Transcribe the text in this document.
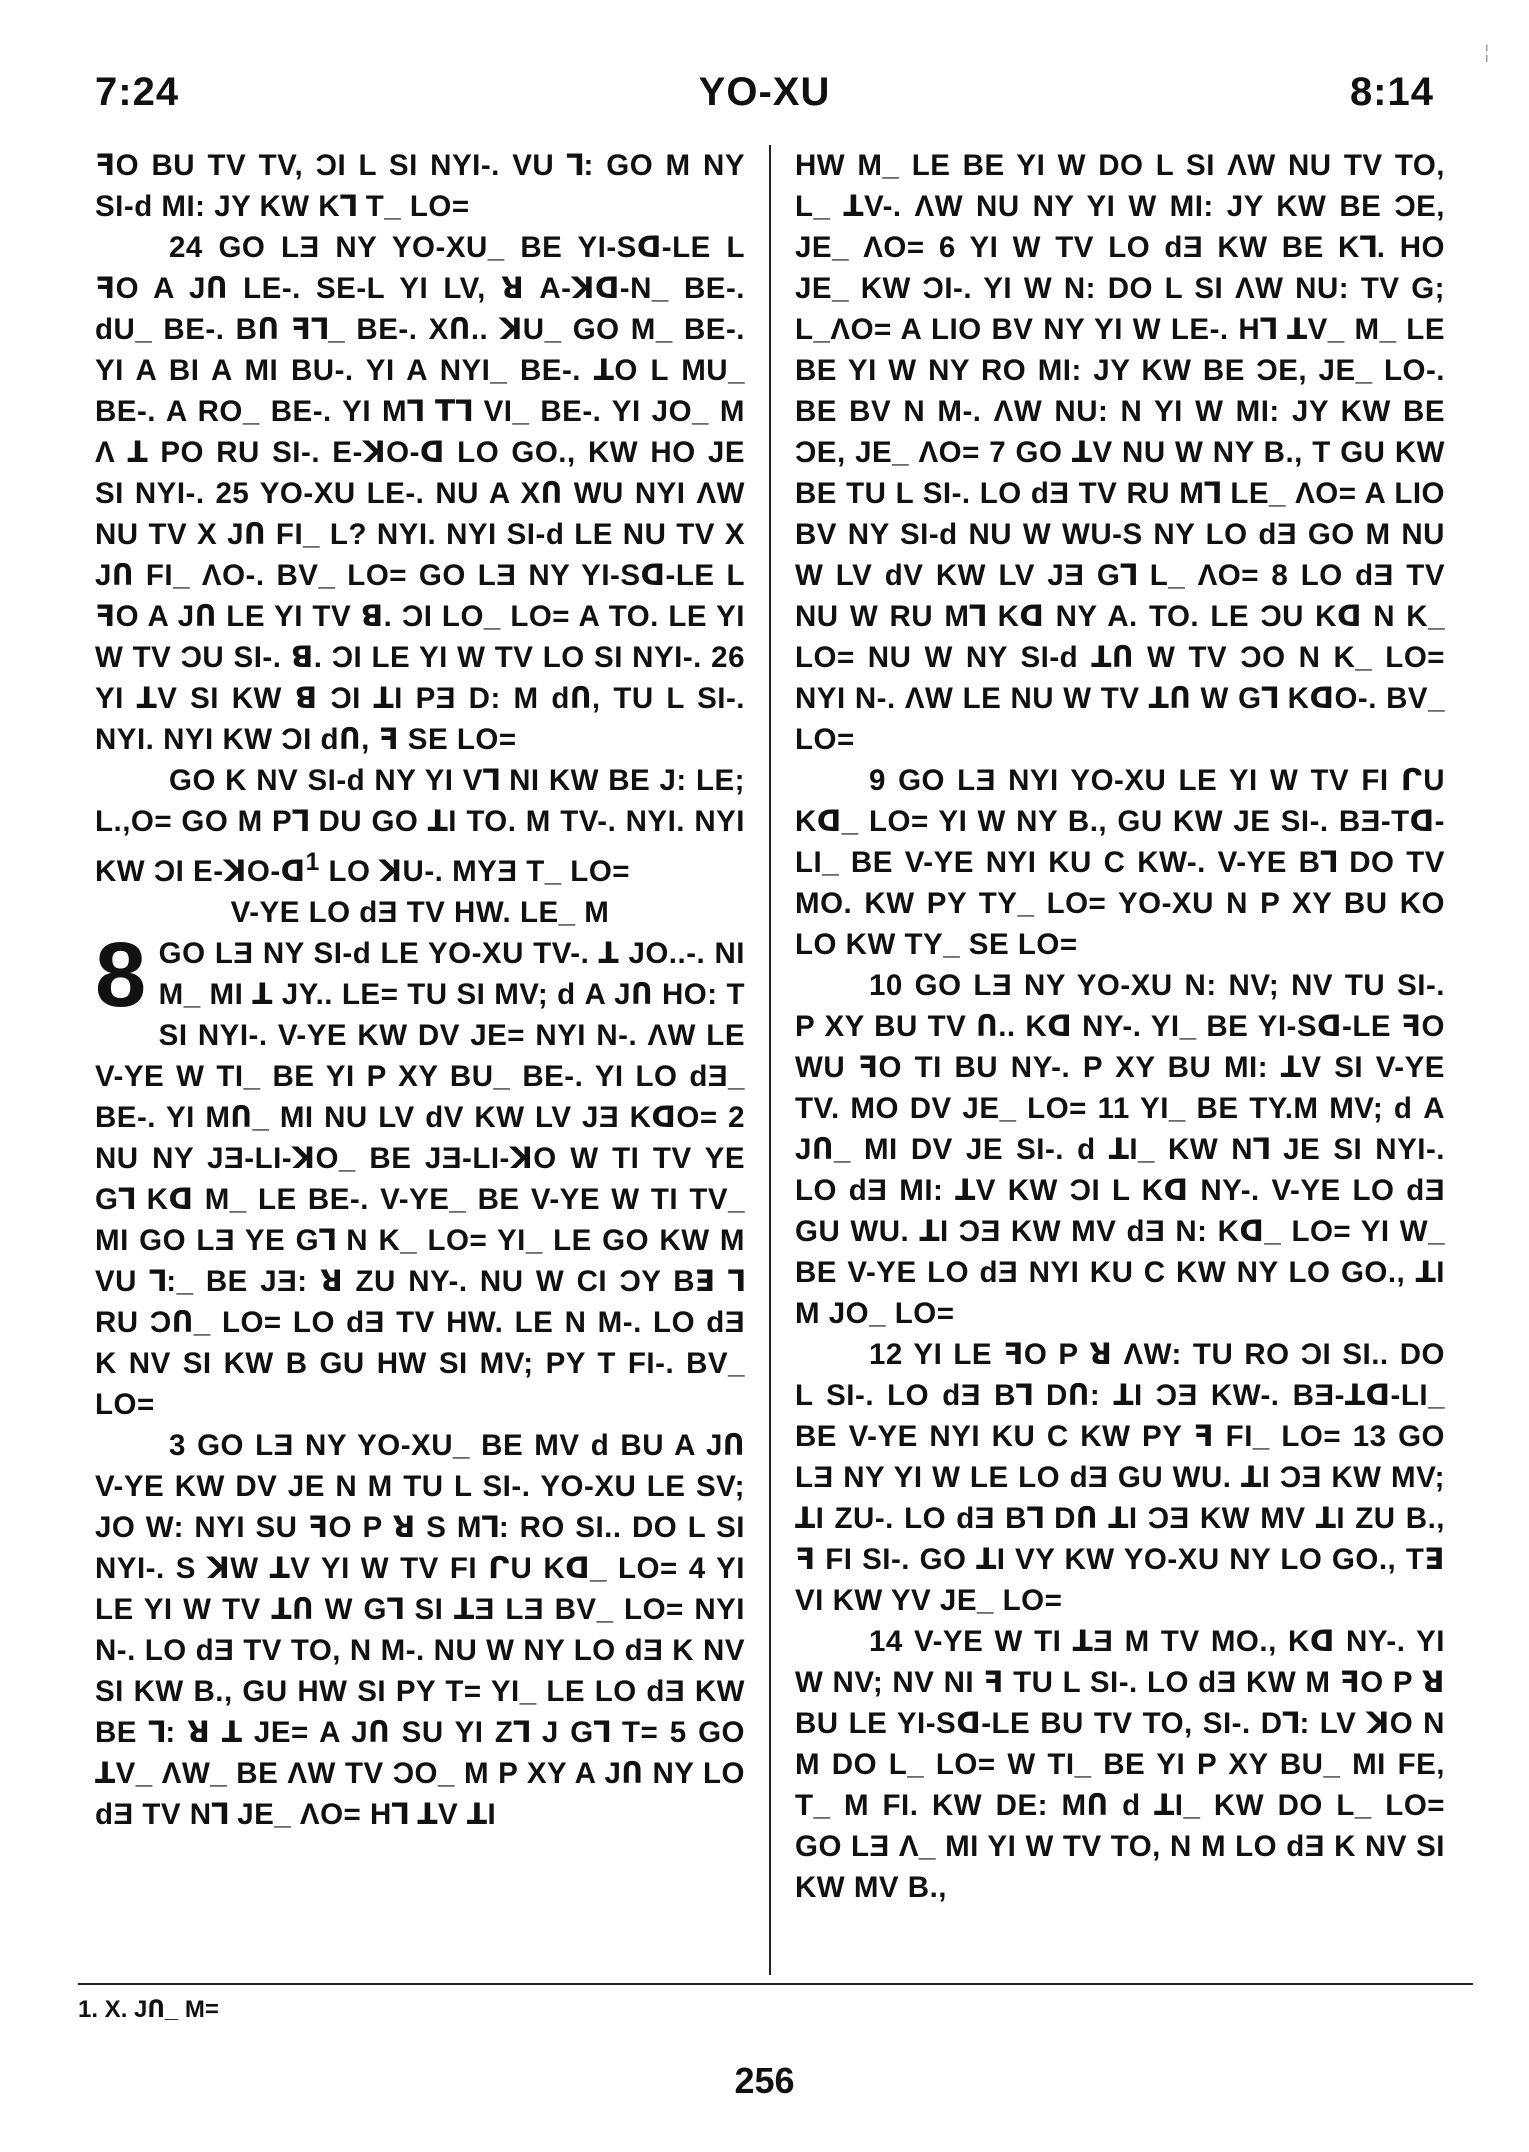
¦
7:24	YO-XU	8:14

ꟻO BU TV TV, ϽI L SI NYI-. VU ⅂: GO M NY SI-ԁ MI: JY KW K⅂ T_ LO=

24 GO LƎ NY YO-XU_ BE YI-Sꓷ-LE L ꟻO A JՈ LE-. SE-L YI LV, ꓤ A-ꓘꓷ-N_ BE-. ԁU_ BE-. BՈ ꟻ⅂_ BE-. XՈ.. ꓘU_ GO M_ BE-. YI A BI A MI BU-. YI A NYI_ BE-. ꓕO L MU_ BE-. A RO_ BE-. YI M⅂ ꓔ⅂ VI_ BE-. YI JO_ M Λ ꓕ PO RU SI-. E-ꓘO-ꓷ LO GO., KW HO JE SI NYI-. 25 YO-XU LE-. NU A XՈ WU NYI ΛW NU TV X JՈ FI_ L? NYI. NYI SI-ԁ LE NU TV X JՈ FI_ ΛO-. BV_ LO= GO LƎ NY YI-Sꓷ-LE L ꟻO A JՈ LE YI TV ꓭ. ϽI LO_ LO= A TO. LE YI W TV ϽU SI-. ꓭ. ϽI LE YI W TV LO SI NYI-. 26 YI ꓕV SI KW ꓭ ϽI ꓕI PƎ D: M ԁՈ, TU L SI-. NYI. NYI KW ϽI ԁՈ, ꟻ SE LO=

GO K NV SI-ԁ NY YI V⅂ NI KW BE J: LE; L.,O= GO M P⅂ DU GO ꓕI TO. M TV-. NYI. NYI KW ϽI E-ꓘO-ꓷ$^1$ LO ꓘU-. MYƎ T_ LO=

V-YE LO ԁƎ TV HW. LE_ M

8 GO LƎ NY SI-ԁ LE YO-XU TV-. ꓕ JO..-. NI M_ MI ꓕ JY.. LE= TU SI MV; ԁ A JՈ HO: T SI NYI-. V-YE KW DV JE= NYI N-. ΛW LE V-YE W TI_ BE YI P XY BU_ BE-. YI LO ԁƎ_ BE-. YI MՈ_ MI NU LV ԁV KW LV JƎ KꓷO= 2 NU NY JƎ-LI-ꓘO_ BE JƎ-LI-ꓘO W TI TV YE G⅂ Kꓷ M_ LE BE-. V-YE_ BE V-YE W TI TV_ MI GO LƎ YE G⅂ N K_ LO= YI_ LE GO KW M VU ⅂:_ BE JƎ: ꓤ ZU NY-. NU W CI ϽY Bꓱ ⅂ RU ϽՈ_ LO= LO ԁƎ TV HW. LE N M-. LO ԁƎ K NV SI KW B GU HW SI MV; PY T FI-. BV_ LO=

3 GO LƎ NY YO-XU_ BE MV ԁ BU A JՈ V-YE KW DV JE N M TU L SI-. YO-XU LE SV; JO W: NYI SU ꟻO P ꓤ S M⅂: RO SI.. DO L SI NYI-. S ꓘW ꓕV YI W TV FI ᒋU Kꓷ_ LO= 4 YI LE YI W TV ꓕՈ W G⅂ SI ꓕƎ LƎ BV_ LO= NYI N-. LO ԁƎ TV TO, N M-. NU W NY LO ԁƎ K NV SI KW B., GU HW SI PY T= YI_ LE LO ԁƎ KW BE ⅂: ꓤ ꓕ JE= A JՈ SU YI Z⅂ J G⅂ T= 5 GO ꓕV_ ΛW_ BE ΛW TV ϽO_ M P XY A JՈ NY LO ԁƎ TV N⅂ JE_ ΛO= H⅂ ꓕV ꓕI

HW M_ LE BE YI W DO L SI ΛW NU TV TO, L_ ꓕV-. ΛW NU NY YI W MI: JY KW BE ϽE, JE_ ΛO= 6 YI W TV LO ԁƎ KW BE K⅂. HO JE_ KW ϽI-. YI W N: DO L SI ΛW NU: TV G; L_ΛO= A LIO BV NY YI W LE-. H⅂ ꓕV_ M_ LE BE YI W NY RO MI: JY KW BE ϽE, JE_ LO-. BE BV N M-. ΛW NU: N YI W MI: JY KW BE ϽE, JE_ ΛO= 7 GO ꓕV NU W NY B., T GU KW BE TU L SI-. LO ԁƎ TV RU M⅂ LE_ ΛO= A LIO BV NY SI-ԁ NU W WU-S NY LO ԁƎ GO M NU W LV ԁV KW LV JƎ G⅂ L_ ΛO= 8 LO ԁƎ TV NU W RU M⅂ Kꓷ NY A. TO. LE ϽU Kꓷ N K_ LO= NU W NY SI-ԁ ꓕՈ W TV ϽO N K_ LO= NYI N-. ΛW LE NU W TV ꓕՈ W G⅂ KꓷO-. BV_ LO=

9 GO LƎ NYI YO-XU LE YI W TV FI ᒋU Kꓷ_ LO= YI W NY B., GU KW JE SI-. BƎ-Tꓷ-LI_ BE V-YE NYI KU C KW-. V-YE B⅂ DO TV MO. KW PY TY_ LO= YO-XU N P XY BU KO LO KW TY_ SE LO=

10 GO LƎ NY YO-XU N: NV; NV TU SI-. P XY BU TV Ո.. Kꓷ NY-. YI_ BE YI-Sꓷ-LE ꟻO WU ꟻO TI BU NY-. P XY BU MI: ꓕV SI V-YE TV. MO DV JE_ LO= 11 YI_ BE TY.M MV; ԁ A JՈ_ MI DV JE SI-. ԁ ꓕI_ KW N⅂ JE SI NYI-. LO ԁƎ MI: ꓕV KW ϽI L Kꓷ NY-. V-YE LO ԁƎ GU WU. ꓕI ϽƎ KW MV ԁƎ N: Kꓷ_ LO= YI W_ BE V-YE LO ԁƎ NYI KU C KW NY LO GO., ꓕI M JO_ LO=

12 YI LE ꟻO P ꓤ ΛW: TU RO ϽI SI.. DO L SI-. LO ԁƎ B⅂ DՈ: ꓕI ϽƎ KW-. BƎ-ꓕꓷ-LI_ BE V-YE NYI KU C KW PY ꟻ FI_ LO= 13 GO LƎ NY YI W LE LO ԁƎ GU WU. ꓕI ϽƎ KW MV; ꓕI ZU-. LO ԁƎ B⅂ DՈ ꓕI ϽƎ KW MV ꓕI ZU B., ꟻ FI SI-. GO ꓕI VY KW YO-XU NY LO GO., Tꓱ VI KW YV JE_ LO=

14 V-YE W TI ꓕƎ M TV MO., Kꓷ NY-. YI W NV; NV NI ꟻ TU L SI-. LO ԁƎ KW M ꟻO P ꓤ BU LE YI-Sꓷ-LE BU TV TO, SI-. D⅂: LV ꓘO N M DO L_ LO= W TI_ BE YI P XY BU_ MI FE, T_ M FI. KW DE: MՈ ԁ ꓕI_ KW DO L_ LO= GO LƎ Λ_ MI YI W TV TO, N M LO ԁƎ K NV SI KW MV B.,

1. X. JՈ_ M=
256
